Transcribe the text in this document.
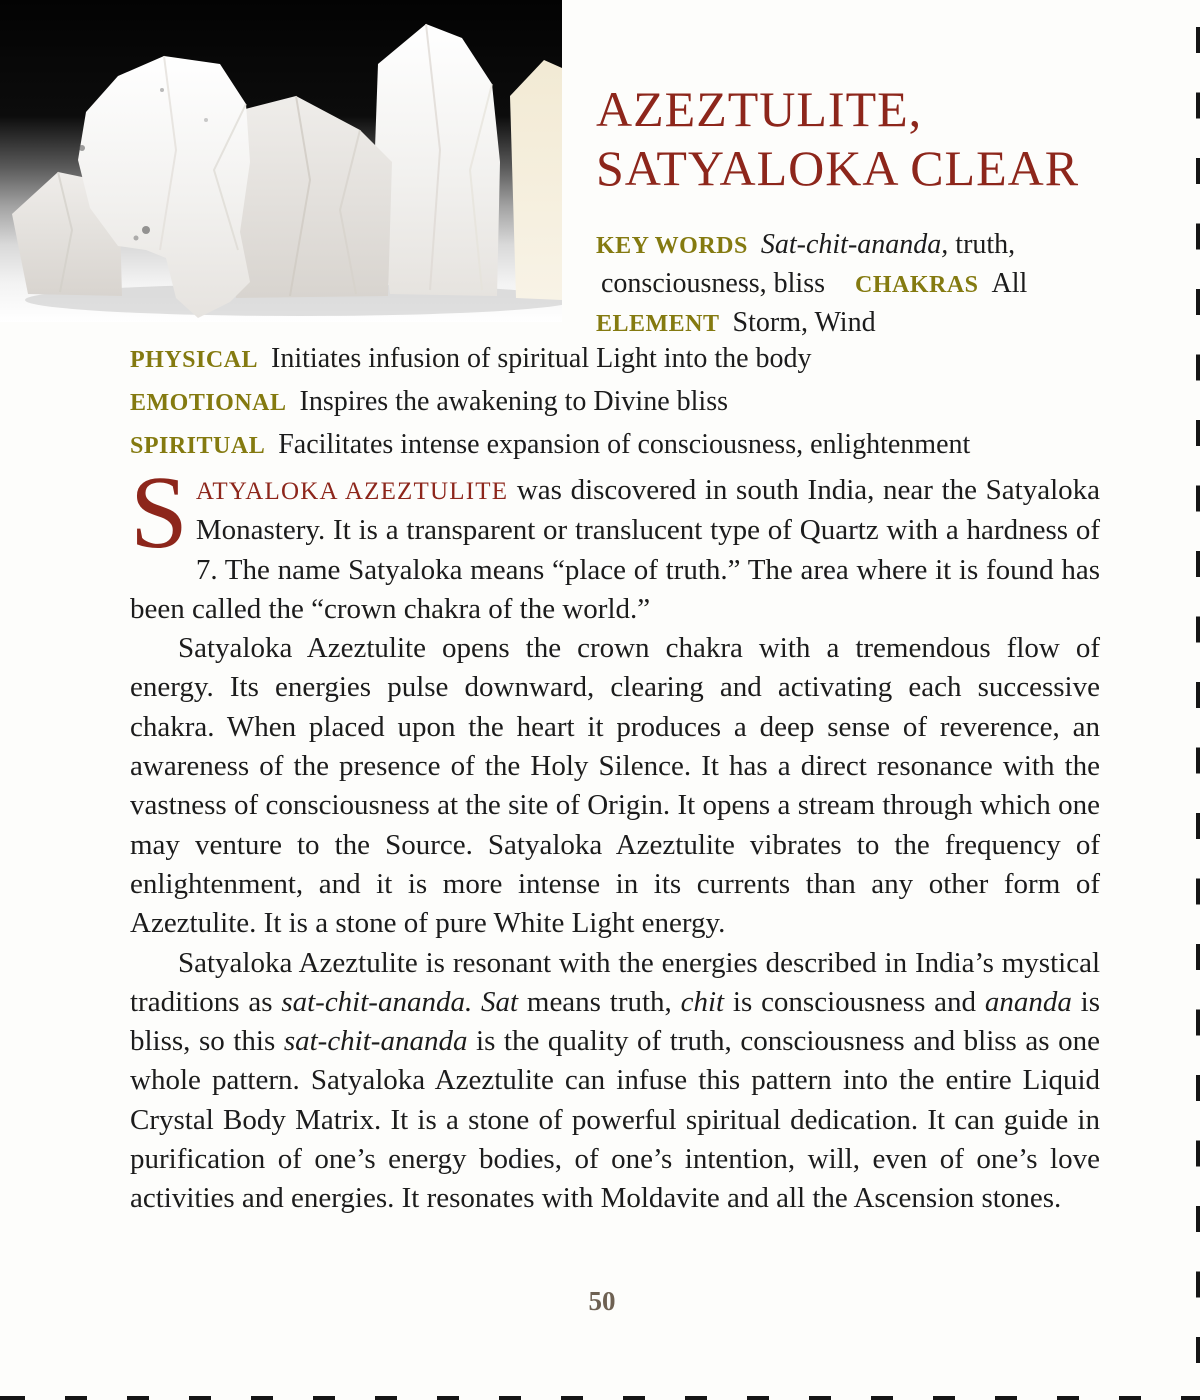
AZEZTULITE,
SATYALOKA CLEAR
KEY WORDS Sat-chit-ananda, truth,
consciousness, bliss CHAKRAS All
ELEMENT Storm, Wind
PHYSICAL Initiates infusion of spiritual Light into the body
EMOTIONAL Inspires the awakening to Divine bliss
SPIRITUAL Facilitates intense expansion of consciousness, enlightenment

SATYALOKA AZEZTULITE was discovered in south India, near the Satyaloka Monastery. It is a transparent or translucent type of Quartz with a hardness of 7. The name Satyaloka means “place of truth.” The area where it is found has been called the “crown chakra of the world.”

Satyaloka Azeztulite opens the crown chakra with a tremendous flow of energy. Its energies pulse downward, clearing and activating each successive chakra. When placed upon the heart it produces a deep sense of reverence, an awareness of the presence of the Holy Silence. It has a direct resonance with the vastness of consciousness at the site of Origin. It opens a stream through which one may venture to the Source. Satyaloka Azeztulite vibrates to the frequency of enlightenment, and it is more intense in its currents than any other form of Azeztulite. It is a stone of pure White Light energy.

Satyaloka Azeztulite is resonant with the energies described in India’s mystical traditions as sat-chit-ananda. Sat means truth, chit is consciousness and ananda is bliss, so this sat-chit-ananda is the quality of truth, consciousness and bliss as one whole pattern. Satyaloka Azeztulite can infuse this pattern into the entire Liquid Crystal Body Matrix. It is a stone of powerful spiritual dedication. It can guide in purification of one’s energy bodies, of one’s intention, will, even of one’s love activities and energies. It resonates with Moldavite and all the Ascension stones.

50
